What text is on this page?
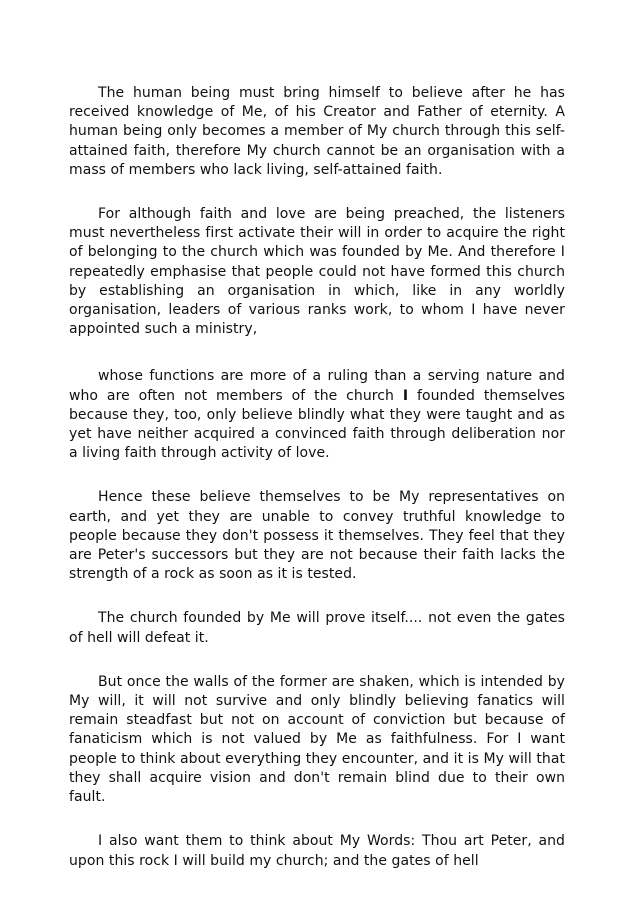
The human being must bring himself to believe after he has received knowledge of Me, of his Creator and Father of eternity. A human being only becomes a member of My church through this self-attained faith, therefore My church cannot be an organisation with a mass of members who lack living, self-attained faith.

For although faith and love are being preached, the listeners must nevertheless first activate their will in order to acquire the right of belonging to the church which was founded by Me. And therefore I repeatedly emphasise that people could not have formed this church by establishing an organisation in which, like in any worldly organisation, leaders of various ranks work, to whom I have never appointed such a ministry,

whose functions are more of a ruling than a serving nature and who are often not members of the church I founded themselves because they, too, only believe blindly what they were taught and as yet have neither acquired a convinced faith through deliberation nor a living faith through activity of love.

Hence these believe themselves to be My representatives on earth, and yet they are unable to convey truthful knowledge to people because they don't possess it themselves. They feel that they are Peter's successors but they are not because their faith lacks the strength of a rock as soon as it is tested.

The church founded by Me will prove itself.... not even the gates of hell will defeat it.

But once the walls of the former are shaken, which is intended by My will, it will not survive and only blindly believing fanatics will remain steadfast but not on account of conviction but because of fanaticism which is not valued by Me as faithfulness. For I want people to think about everything they encounter, and it is My will that they shall acquire vision and don't remain blind due to their own fault.

I also want them to think about My Words: Thou art Peter, and upon this rock I will build my church; and the gates of hell
